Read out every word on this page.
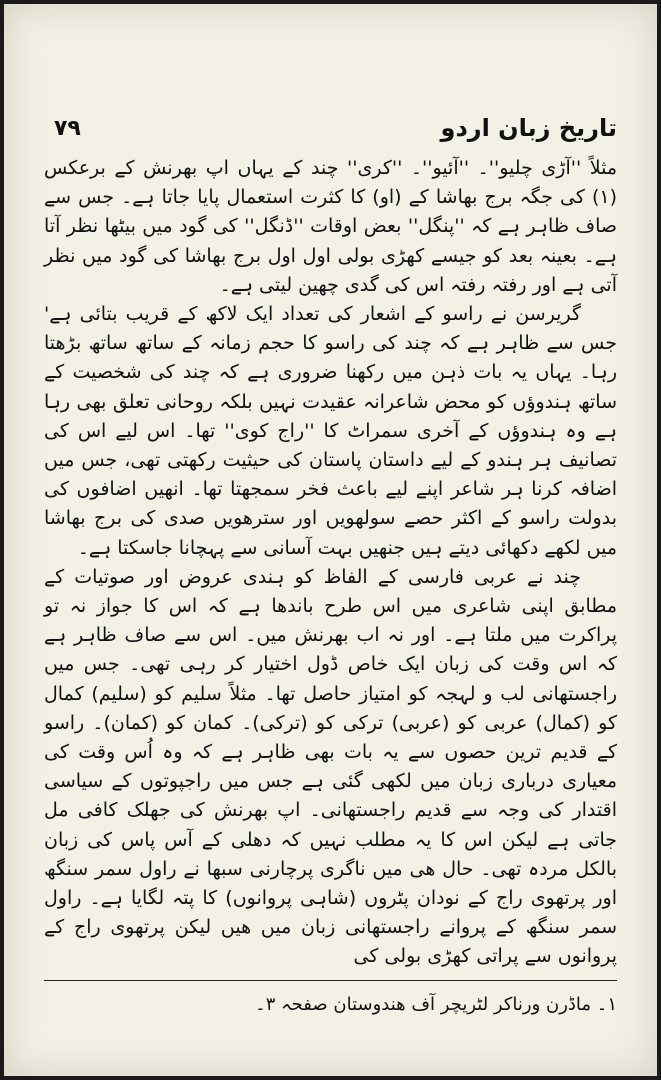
تاریخ زبان اردو
۷۹

مثلاً ''آڑی چلیو''۔ ''آئیو''۔ ''کری'' چند کے یہاں اپ بھرنش کے برعکس (۱) کی جگہ برج بھاشا کے (او) کا کثرت استعمال پایا جاتا ہے۔ جس سے صاف ظاہر ہے کہ ''پنگل'' بعض اوقات ''ڈنگل'' کی گود میں بیٹھا نظر آتا ہے۔ بعینہ بعد کو جیسے کھڑی بولی اول اول برج بھاشا کی گود میں نظر آتی ہے اور رفتہ رفتہ اس کی گدی چھین لیتی ہے۔

گریرسن نے راسو کے اشعار کی تعداد ایک لاکھ کے قریب بتائی ہے' جس سے ظاہر ہے کہ چند کی راسو کا حجم زمانہ کے ساتھ ساتھ بڑھتا رہا۔ یہاں یہ بات ذہن میں رکھنا ضروری ہے کہ چند کی شخصیت کے ساتھ ہندوؤں کو محض شاعرانہ عقیدت نہیں بلکہ روحانی تعلق بھی رہا ہے وہ ہندوؤں کے آخری سمراٹ کا ''راج کوی'' تھا۔ اس لیے اس کی تصانیف ہر ہندو کے لیے داستان پاستان کی حیثیت رکھتی تھی، جس میں اضافہ کرنا ہر شاعر اپنے لیے باعث فخر سمجھتا تھا۔ انھیں اضافوں کی بدولت راسو کے اکثر حصے سولھویں اور سترھویں صدی کی برج بھاشا میں لکھے دکھائی دیتے ہیں جنھیں بہت آسانی سے پہچانا جاسکتا ہے۔

چند نے عربی فارسی کے الفاظ کو ہندی عروض اور صوتیات کے مطابق اپنی شاعری میں اس طرح باندھا ہے کہ اس کا جواز نہ تو پراکرت میں ملتا ہے۔ اور نہ اب بھرنش میں۔ اس سے صاف ظاہر ہے کہ اس وقت کی زبان ایک خاص ڈول اختیار کر رہی تھی۔ جس میں راجستھانی لب و لہجہ کو امتیاز حاصل تھا۔ مثلاً سلیم کو (سلیم) کمال کو (کمال) عربی کو (عربی) ترکی کو (ترکی)۔ کمان کو (کمان)۔ راسو کے قدیم ترین حصوں سے یہ بات بھی ظاہر ہے کہ وہ اُس وقت کی معیاری درباری زبان میں لکھی گئی ہے جس میں راجپوتوں کے سیاسی اقتدار کی وجہ سے قدیم راجستھانی۔ اپ بھرنش کی جھلک کافی مل جاتی ہے لیکن اس کا یہ مطلب نہیں کہ دھلی کے آس پاس کی زبان بالکل مردہ تھی۔ حال ھی میں ناگری پرچارنی سبھا نے راول سمر سنگھ اور پرتھوی راج کے نودان پٹروں (شاہی پروانوں) کا پتہ لگایا ہے۔ راول سمر سنگھ کے پروانے راجستھانی زبان میں ھیں لیکن پرتھوی راج کے پروانوں سے پراتی کھڑی بولی کی

۱۔ ماڈرن ورناکر لٹریچر آف ھندوستان صفحہ ۳۔
